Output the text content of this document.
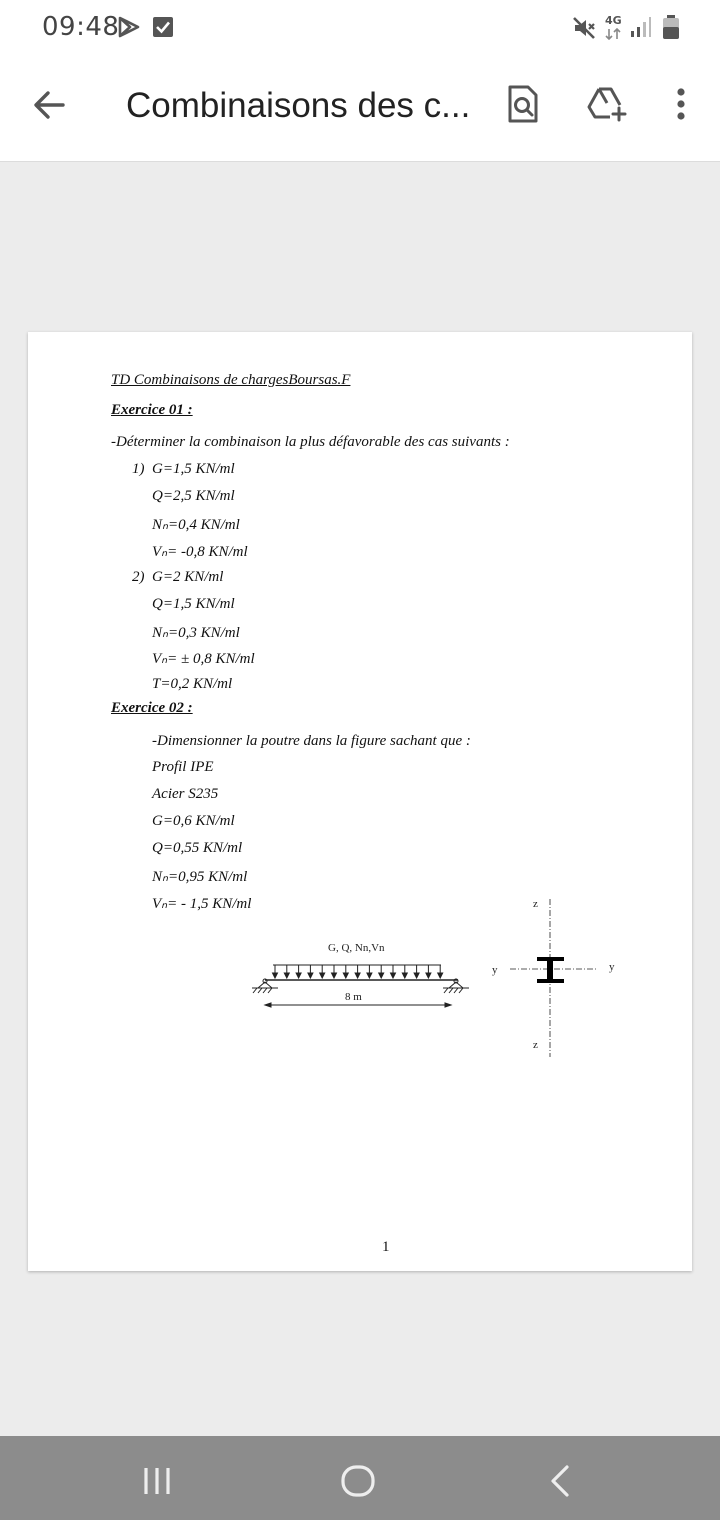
09:48	4G
Combinaisons des c...
TD Combinaisons de chargesBoursas.F
Exercice 01 :
-Déterminer la combinaison la plus défavorable des cas suivants :
1) G=1,5 KN/ml
Q=2,5 KN/ml
Nₙ=0,4 KN/ml
Vₙ= -0,8 KN/ml
2) G=2 KN/ml
Q=1,5 KN/ml
Nₙ=0,3 KN/ml
Vₙ= ± 0,8 KN/ml
T=0,2 KN/ml
Exercice 02 :
-Dimensionner la poutre dans la figure sachant que :
Profil IPE
Acier S235
G=0,6 KN/ml
Q=0,55 KN/ml
Nₙ=0,95 KN/ml
Vₙ= - 1,5 KN/ml
G, Q, Nn,Vn
8 m
z
z
y	y
1
